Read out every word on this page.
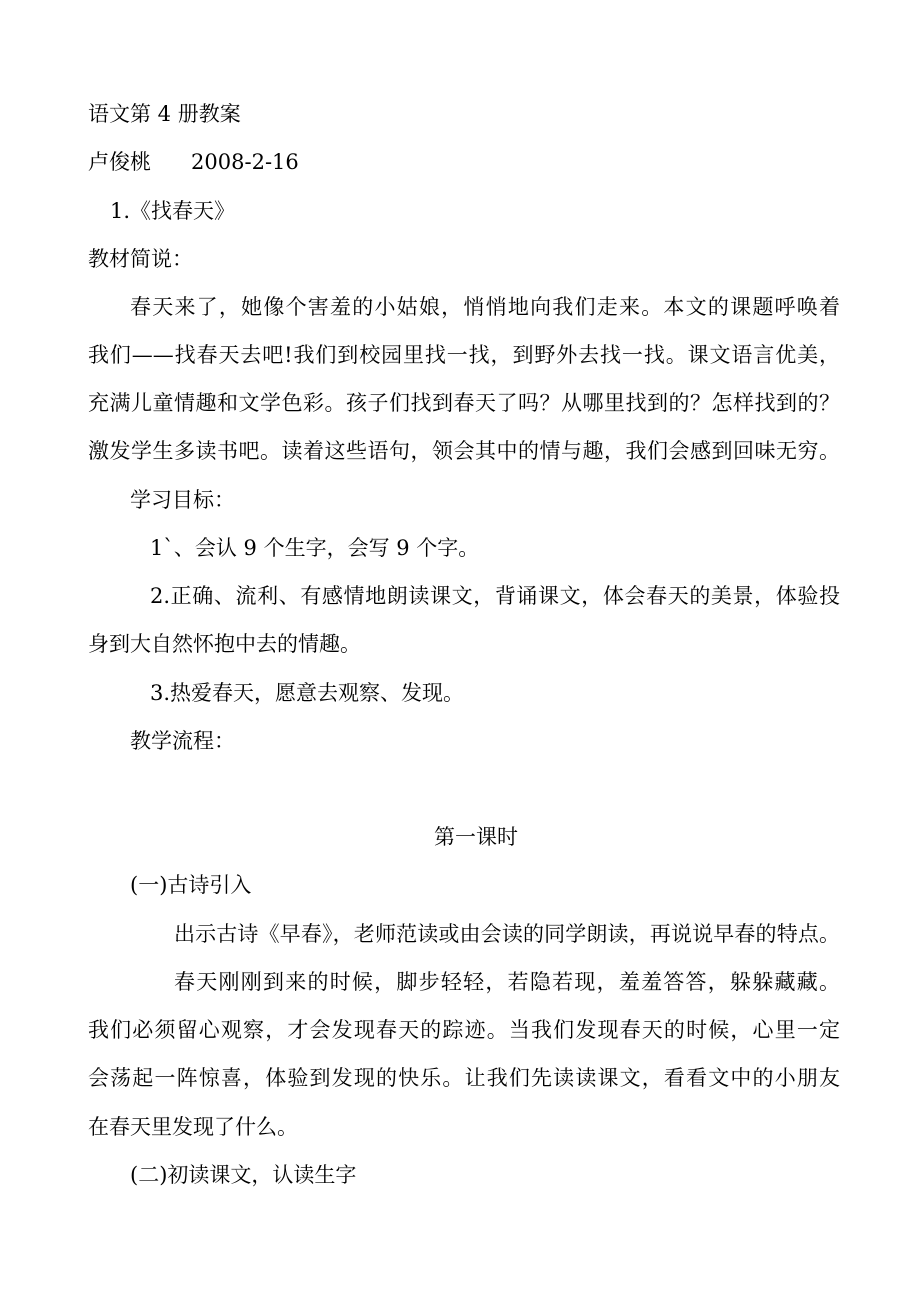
语文第 4 册教案
卢俊桃      2008-2-16
1.《找春天》
教材简说：
春天来了，她像个害羞的小姑娘，悄悄地向我们走来。本文的课题呼唤着
我们——找春天去吧!我们到校园里找一找，到野外去找一找。课文语言优美，
充满儿童情趣和文学色彩。孩子们找到春天了吗？从哪里找到的？怎样找到的？
激发学生多读书吧。读着这些语句，领会其中的情与趣，我们会感到回味无穷。
学习目标：
1`、会认 9 个生字，会写 9 个字。
2.正确、流利、有感情地朗读课文，背诵课文，体会春天的美景，体验投
身到大自然怀抱中去的情趣。
3.热爱春天，愿意去观察、发现。
教学流程：
第一课时
(一)古诗引入
出示古诗《早春》，老师范读或由会读的同学朗读，再说说早春的特点。
春天刚刚到来的时候，脚步轻轻，若隐若现，羞羞答答，躲躲藏藏。
我们必须留心观察，才会发现春天的踪迹。当我们发现春天的时候，心里一定
会荡起一阵惊喜，体验到发现的快乐。让我们先读读课文，看看文中的小朋友
在春天里发现了什么。
(二)初读课文，认读生字
